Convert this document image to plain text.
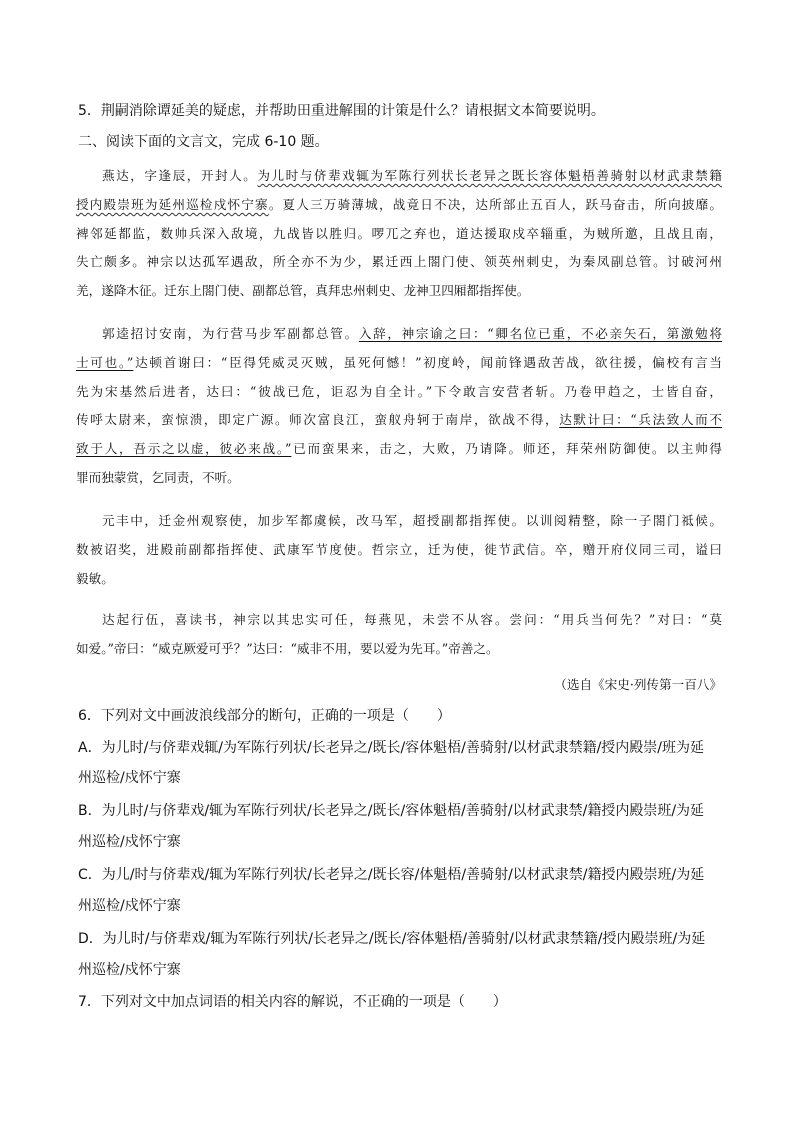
5．荆嗣消除谭延美的疑虑，并帮助田重进解围的计策是什么？请根据文本简要说明。
二、阅读下面的文言文，完成 6-10 题。
燕达，字逢辰，开封人。为儿时与侪辈戏辄为军陈行列状长老异之既长容体魁梧善骑射以材武隶禁籍
授内殿崇班为延州巡检戍怀宁寨。夏人三万骑薄城，战竟日不决，达所部止五百人，跃马奋击，所向披靡。
裨邻延都监，数帅兵深入敌境，九战皆以胜归。啰兀之弃也，道达援取戍卒辎重，为贼所邀，且战且南，
失亡颇多。神宗以达孤军遇敌，所全亦不为少，累迁西上閤门使、领英州刺史，为秦凤副总管。讨破河州
羌，遂降木征。迁东上閤门使、副都总管，真拜忠州刺史、龙神卫四厢都指挥使。
郭逵招讨安南，为行营马步军副都总管。入辞，神宗谕之曰：“卿名位已重，不必亲矢石，第激勉将
士可也。”达顿首谢曰：“臣得凭威灵灭贼，虽死何憾！”初度岭，闻前锋遇敌苦战，欲往援，偏校有言当
先为宋基然后进者，达曰：“彼战已危，讵忍为自全计。”下令敢言安营者斩。乃卷甲趋之，士皆自奋，
传呼太尉来，蛮惊溃，即定广源。师次富良江，蛮舣舟轲于南岸，欲战不得，达默计曰：“兵法致人而不
致于人，吾示之以虚，彼必来战。”已而蛮果来，击之，大败，乃请降。师还，拜荣州防御使。以主帅得
罪而独蒙赏，乞同责，不听。
元丰中，迁金州观察使，加步军都虞候，改马军，超授副都指挥使。以训阅精整，除一子閤门祗候。
数被诏奖，进殿前副都指挥使、武康军节度使。哲宗立，迁为使，徙节武信。卒，赠开府仪同三司，谥曰
毅敏。
达起行伍，喜读书，神宗以其忠实可任，每燕见，未尝不从容。尝问：“用兵当何先？”对曰：“莫
如爱。”帝曰：“威克厥爱可乎？”达曰：“威非不用，要以爱为先耳。”帝善之。
（选自《宋史·列传第一百八》
6．下列对文中画波浪线部分的断句，正确的一项是（　　）
A．为儿时/与侪辈戏辄/为军陈行列状/长老异之/既长/容体魁梧/善骑射/以材武隶禁籍/授内殿崇/班为延
州巡检/戍怀宁寨
B．为儿时/与侪辈戏/辄为军陈行列状/长老异之/既长/容体魁梧/善骑射/以材武隶禁/籍授内殿崇班/为延
州巡检/戍怀宁寨
C．为儿/时与侪辈戏/辄为军陈行列状/长老异之/既长容/体魁梧/善骑射/以材武隶禁/籍授内殿崇班/为延
州巡检/戍怀宁寨
D．为儿时/与侪辈戏/辄为军陈行列状/长老异之/既长/容体魁梧/善骑射/以材武隶禁籍/授内殿崇班/为延
州巡检/戍怀宁寨
7．下列对文中加点词语的相关内容的解说，不正确的一项是（　　）
